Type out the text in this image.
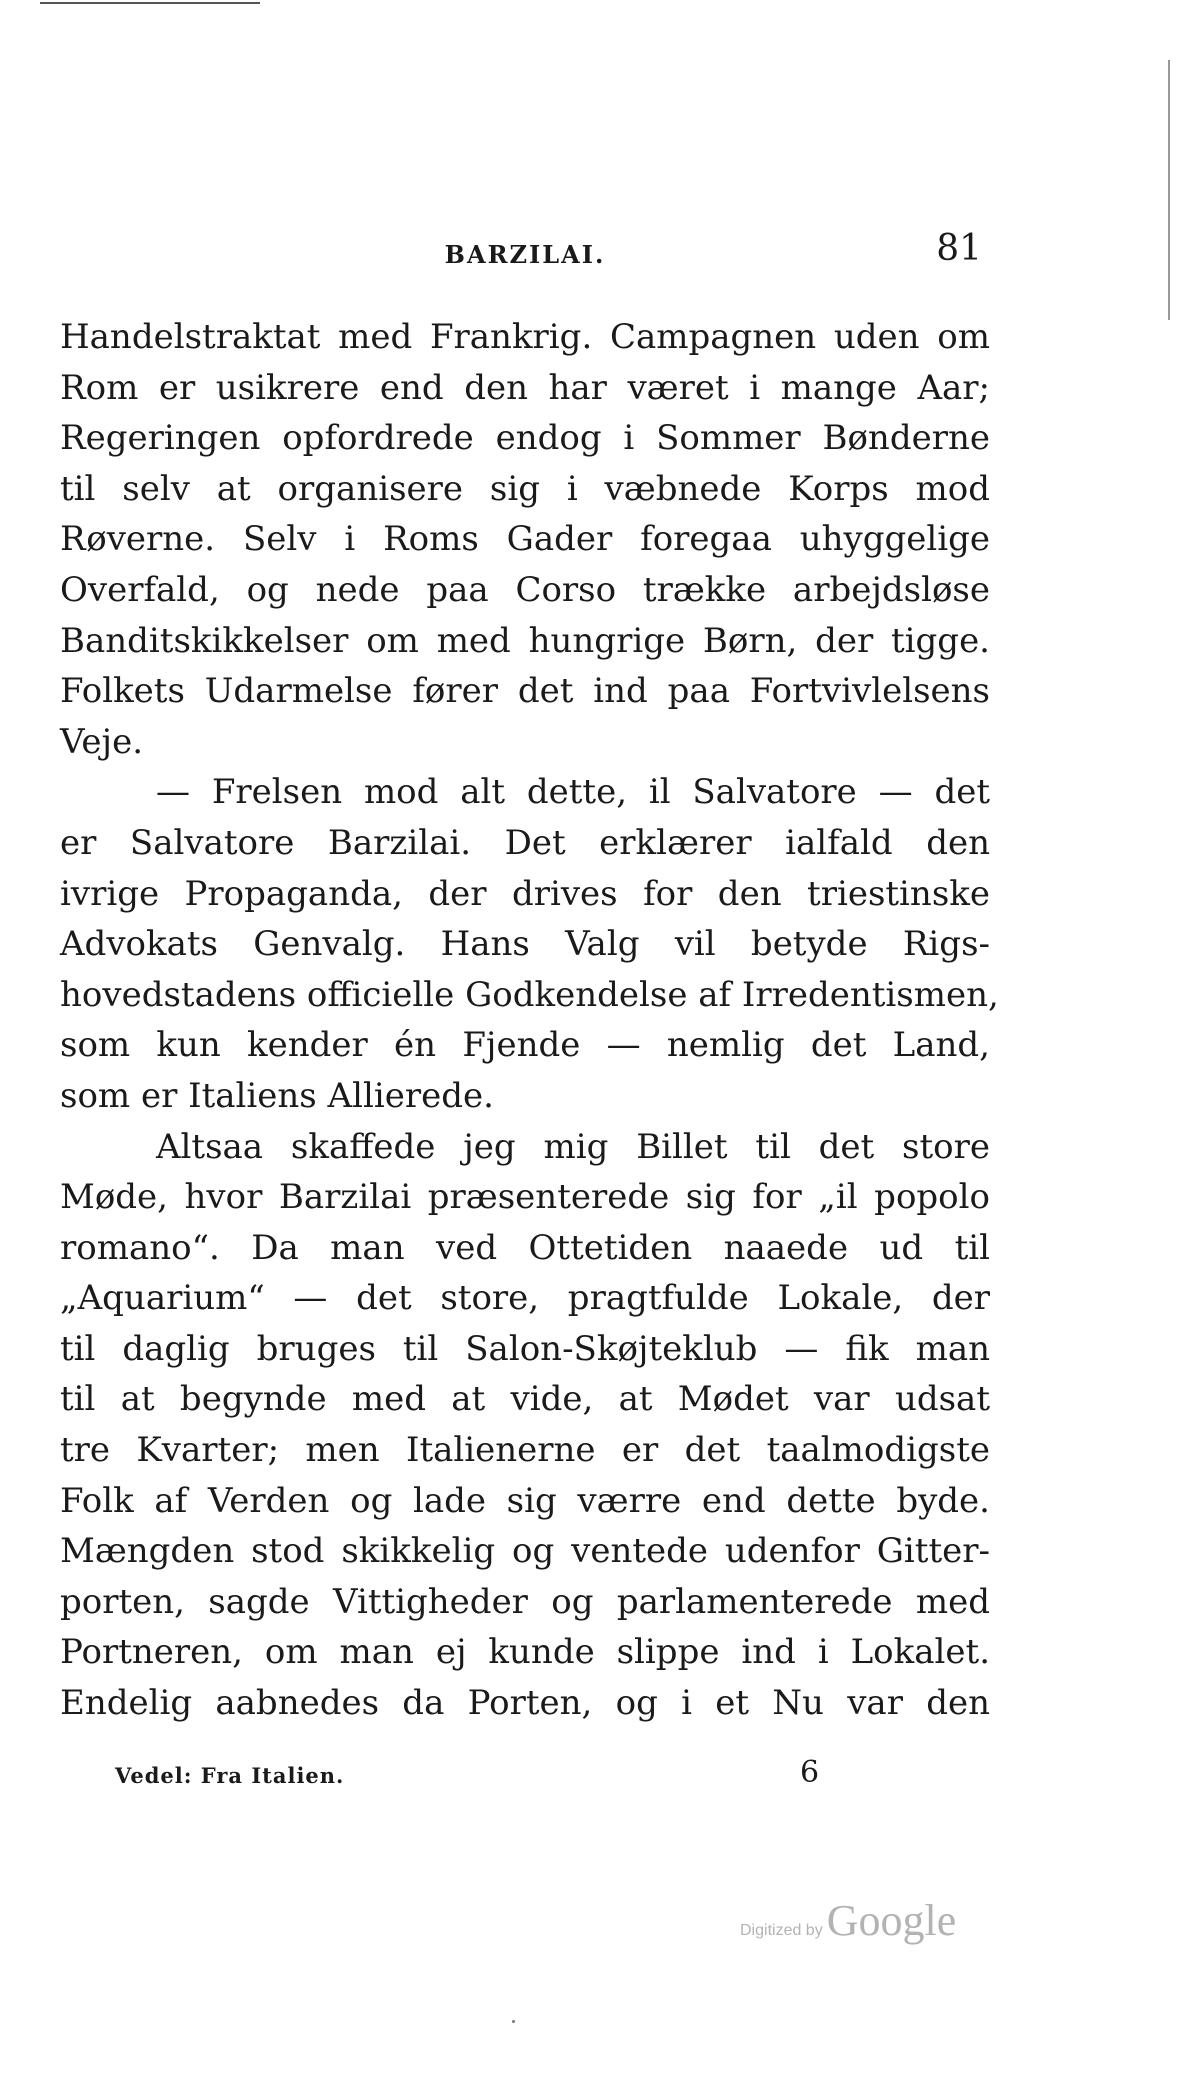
BARZILAI.	81
Handelstraktat med Frankrig. Campagnen uden om
Rom er usikrere end den har været i mange Aar;
Regeringen opfordrede endog i Sommer Bønderne
til selv at organisere sig i væbnede Korps mod
Røverne. Selv i Roms Gader foregaa uhyggelige
Overfald, og nede paa Corso trække arbejdsløse
Banditskikkelser om med hungrige Børn, der tigge.
Folkets Udarmelse fører det ind paa Fortvivlelsens
Veje.
— Frelsen mod alt dette, il Salvatore — det
er Salvatore Barzilai. Det erklærer ialfald den
ivrige Propaganda, der drives for den triestinske
Advokats Genvalg. Hans Valg vil betyde Rigs-
hovedstadens officielle Godkendelse af Irredentismen,
som kun kender én Fjende — nemlig det Land,
som er Italiens Allierede.
Altsaa skaffede jeg mig Billet til det store
Møde, hvor Barzilai præsenterede sig for „il popolo
romano“. Da man ved Ottetiden naaede ud til
„Aquarium“ — det store, pragtfulde Lokale, der
til daglig bruges til Salon-Skøjteklub — fik man
til at begynde med at vide, at Mødet var udsat
tre Kvarter; men Italienerne er det taalmodigste
Folk af Verden og lade sig værre end dette byde.
Mængden stod skikkelig og ventede udenfor Gitter-
porten, sagde Vittigheder og parlamenterede med
Portneren, om man ej kunde slippe ind i Lokalet.
Endelig aabnedes da Porten, og i et Nu var den
Vedel: Fra Italien.	6
Digitized by Google
